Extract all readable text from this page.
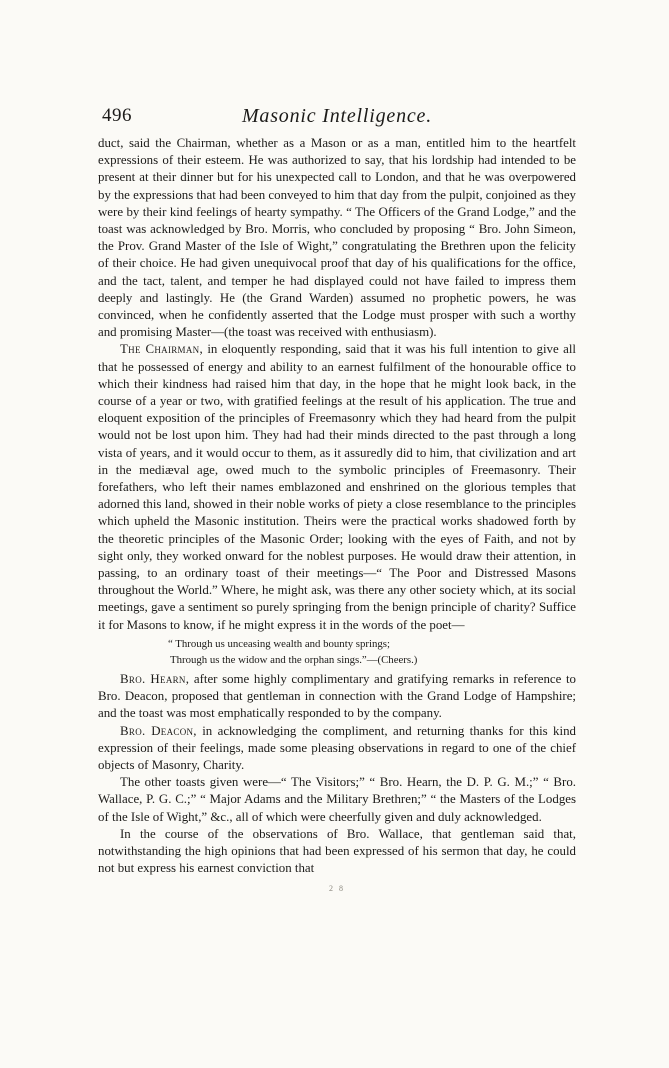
496	Masonic Intelligence.

duct, said the Chairman, whether as a Mason or as a man, entitled him to the heartfelt expressions of their esteem. He was authorized to say, that his lordship had intended to be present at their dinner but for his unexpected call to London, and that he was overpowered by the expressions that had been conveyed to him that day from the pulpit, conjoined as they were by their kind feelings of hearty sympathy. “ The Officers of the Grand Lodge,” and the toast was acknowledged by Bro. Morris, who concluded by proposing “ Bro. John Simeon, the Prov. Grand Master of the Isle of Wight,” congratulating the Brethren upon the felicity of their choice. He had given unequivocal proof that day of his qualifications for the office, and the tact, talent, and temper he had displayed could not have failed to impress them deeply and lastingly. He (the Grand Warden) assumed no prophetic powers, he was convinced, when he confidently asserted that the Lodge must prosper with such a worthy and promising Master—(the toast was received with enthusiasm).

The Chairman, in eloquently responding, said that it was his full intention to give all that he possessed of energy and ability to an earnest fulfilment of the honourable office to which their kindness had raised him that day, in the hope that he might look back, in the course of a year or two, with gratified feelings at the result of his application. The true and eloquent exposition of the principles of Freemasonry which they had heard from the pulpit would not be lost upon him. They had had their minds directed to the past through a long vista of years, and it would occur to them, as it assuredly did to him, that civilization and art in the mediæval age, owed much to the symbolic principles of Freemasonry. Their forefathers, who left their names emblazoned and enshrined on the glorious temples that adorned this land, showed in their noble works of piety a close resemblance to the principles which upheld the Masonic institution. Theirs were the practical works shadowed forth by the theoretic principles of the Masonic Order; looking with the eyes of Faith, and not by sight only, they worked onward for the noblest purposes. He would draw their attention, in passing, to an ordinary toast of their meetings—“ The Poor and Distressed Masons throughout the World.” Where, he might ask, was there any other society which, at its social meetings, gave a sentiment so purely springing from the benign principle of charity? Suffice it for Masons to know, if he might express it in the words of the poet—

“ Through us unceasing wealth and bounty springs;
Through us the widow and the orphan sings.”—(Cheers.)

Bro. Hearn, after some highly complimentary and gratifying remarks in reference to Bro. Deacon, proposed that gentleman in connection with the Grand Lodge of Hampshire; and the toast was most emphatically responded to by the company.

Bro. Deacon, in acknowledging the compliment, and returning thanks for this kind expression of their feelings, made some pleasing observations in regard to one of the chief objects of Masonry, Charity.

The other toasts given were—“ The Visitors;” “ Bro. Hearn, the D. P. G. M.;” “ Bro. Wallace, P. G. C.;” “ Major Adams and the Military Brethren;” “ the Masters of the Lodges of the Isle of Wight,” &c., all of which were cheerfully given and duly acknowledged.

In the course of the observations of Bro. Wallace, that gentleman said that, notwithstanding the high opinions that had been expressed of his sermon that day, he could not but express his earnest conviction that

2 8
